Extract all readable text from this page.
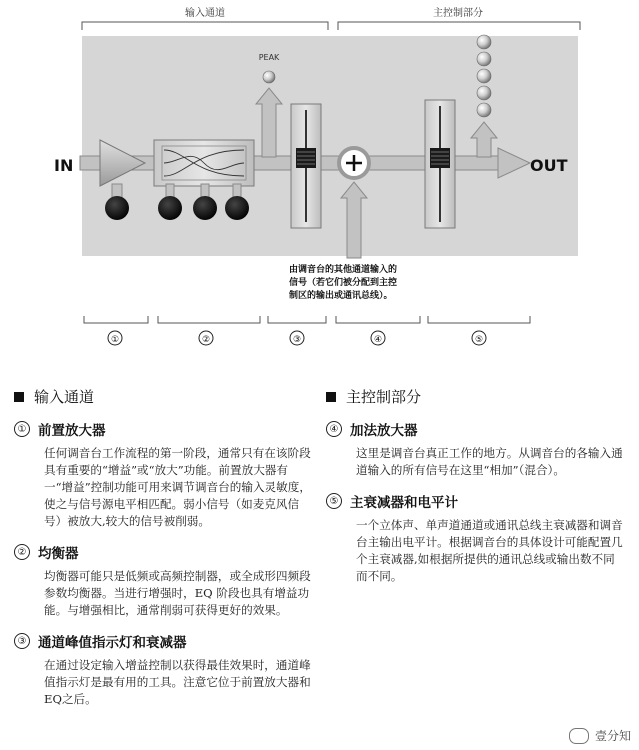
输入通道	主控制部分
IN	OUT
PEAK
由调音台的其他通道输入的
信号（若它们被分配到主控
制区的输出或通讯总线）。
①	②	③	④	⑤
输入通道
① 前置放大器

任何调音台工作流程的第一阶段，通常只有在该阶段具有重要的“增益”或“放大”功能。前置放大器有一“增益”控制功能可用来调节调音台的输入灵敏度，使之与信号源电平相匹配。弱小信号（如麦克风信号）被放大,较大的信号被削弱。

② 均衡器

均衡器可能只是低频或高频控制器，或全成形四频段参数均衡器。当进行增强时，EQ 阶段也具有增益功能。与增强相比，通常削弱可获得更好的效果。

③ 通道峰值指示灯和衰减器

在通过设定输入增益控制以获得最佳效果时，通道峰值指示灯是最有用的工具。注意它位于前置放大器和EQ之后。

主控制部分
④ 加法放大器

这里是调音台真正工作的地方。从调音台的各输入通道输入的所有信号在这里“相加”（混合）。

⑤ 主衰减器和电平计

一个立体声、单声道通道或通讯总线主衰减器和调音台主输出电平计。根据调音台的具体设计可能配置几个主衰减器,如根据所提供的通讯总线或输出数不同而不同。

壹分知
